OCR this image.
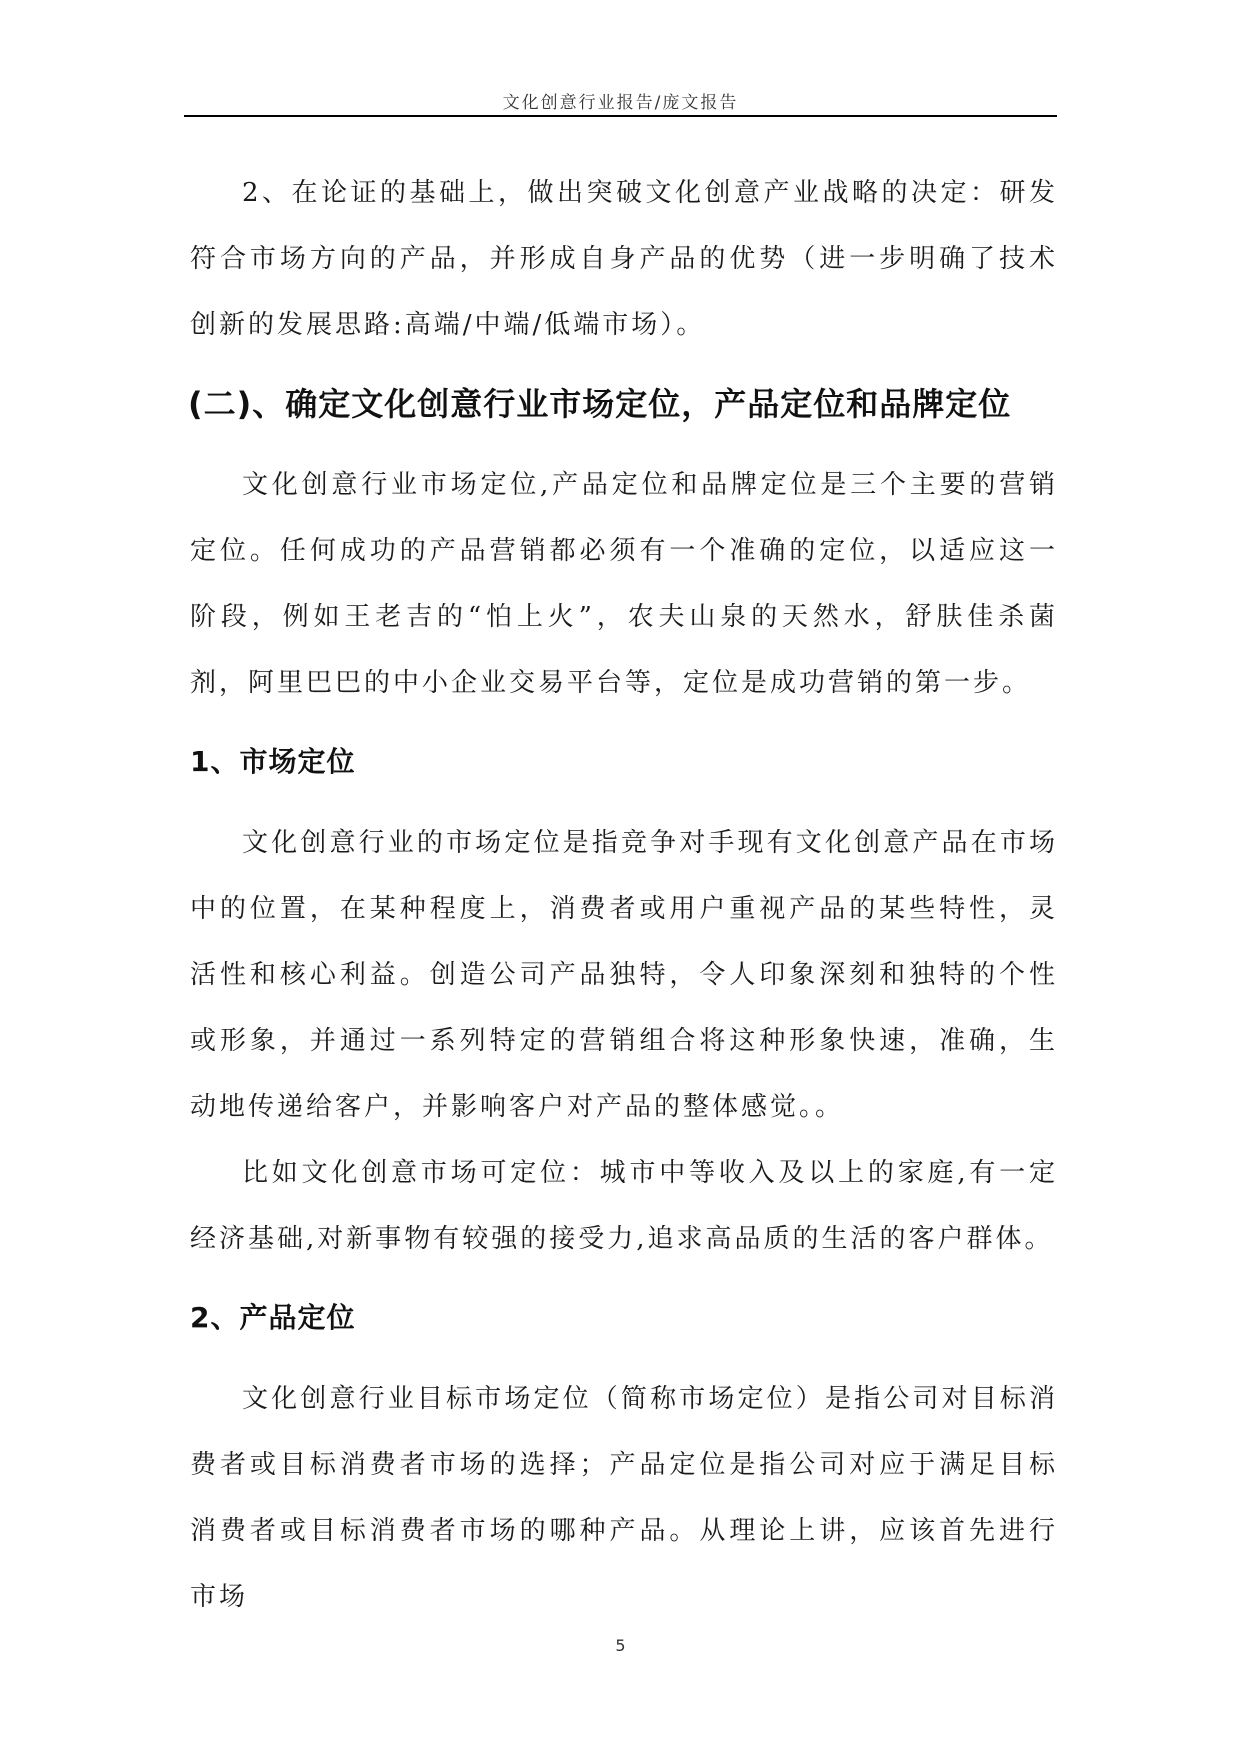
文化创意行业报告/庞文报告

2、在论证的基础上，做出突破文化创意产业战略的决定：研发符合市场方向的产品，并形成自身产品的优势（进一步明确了技术创新的发展思路:高端/中端/低端市场）。

(二)、确定文化创意行业市场定位，产品定位和品牌定位

文化创意行业市场定位,产品定位和品牌定位是三个主要的营销定位。任何成功的产品营销都必须有一个准确的定位，以适应这一阶段，例如王老吉的“怕上火”，农夫山泉的天然水，舒肤佳杀菌剂，阿里巴巴的中小企业交易平台等，定位是成功营销的第一步。

1、市场定位

文化创意行业的市场定位是指竞争对手现有文化创意产品在市场中的位置，在某种程度上，消费者或用户重视产品的某些特性，灵活性和核心利益。创造公司产品独特，令人印象深刻和独特的个性或形象，并通过一系列特定的营销组合将这种形象快速，准确，生动地传递给客户，并影响客户对产品的整体感觉。。

比如文化创意市场可定位：城市中等收入及以上的家庭,有一定经济基础,对新事物有较强的接受力,追求高品质的生活的客户群体。

2、产品定位

文化创意行业目标市场定位（简称市场定位）是指公司对目标消费者或目标消费者市场的选择；产品定位是指公司对应于满足目标消费者或目标消费者市场的哪种产品。从理论上讲，应该首先进行市场

5
